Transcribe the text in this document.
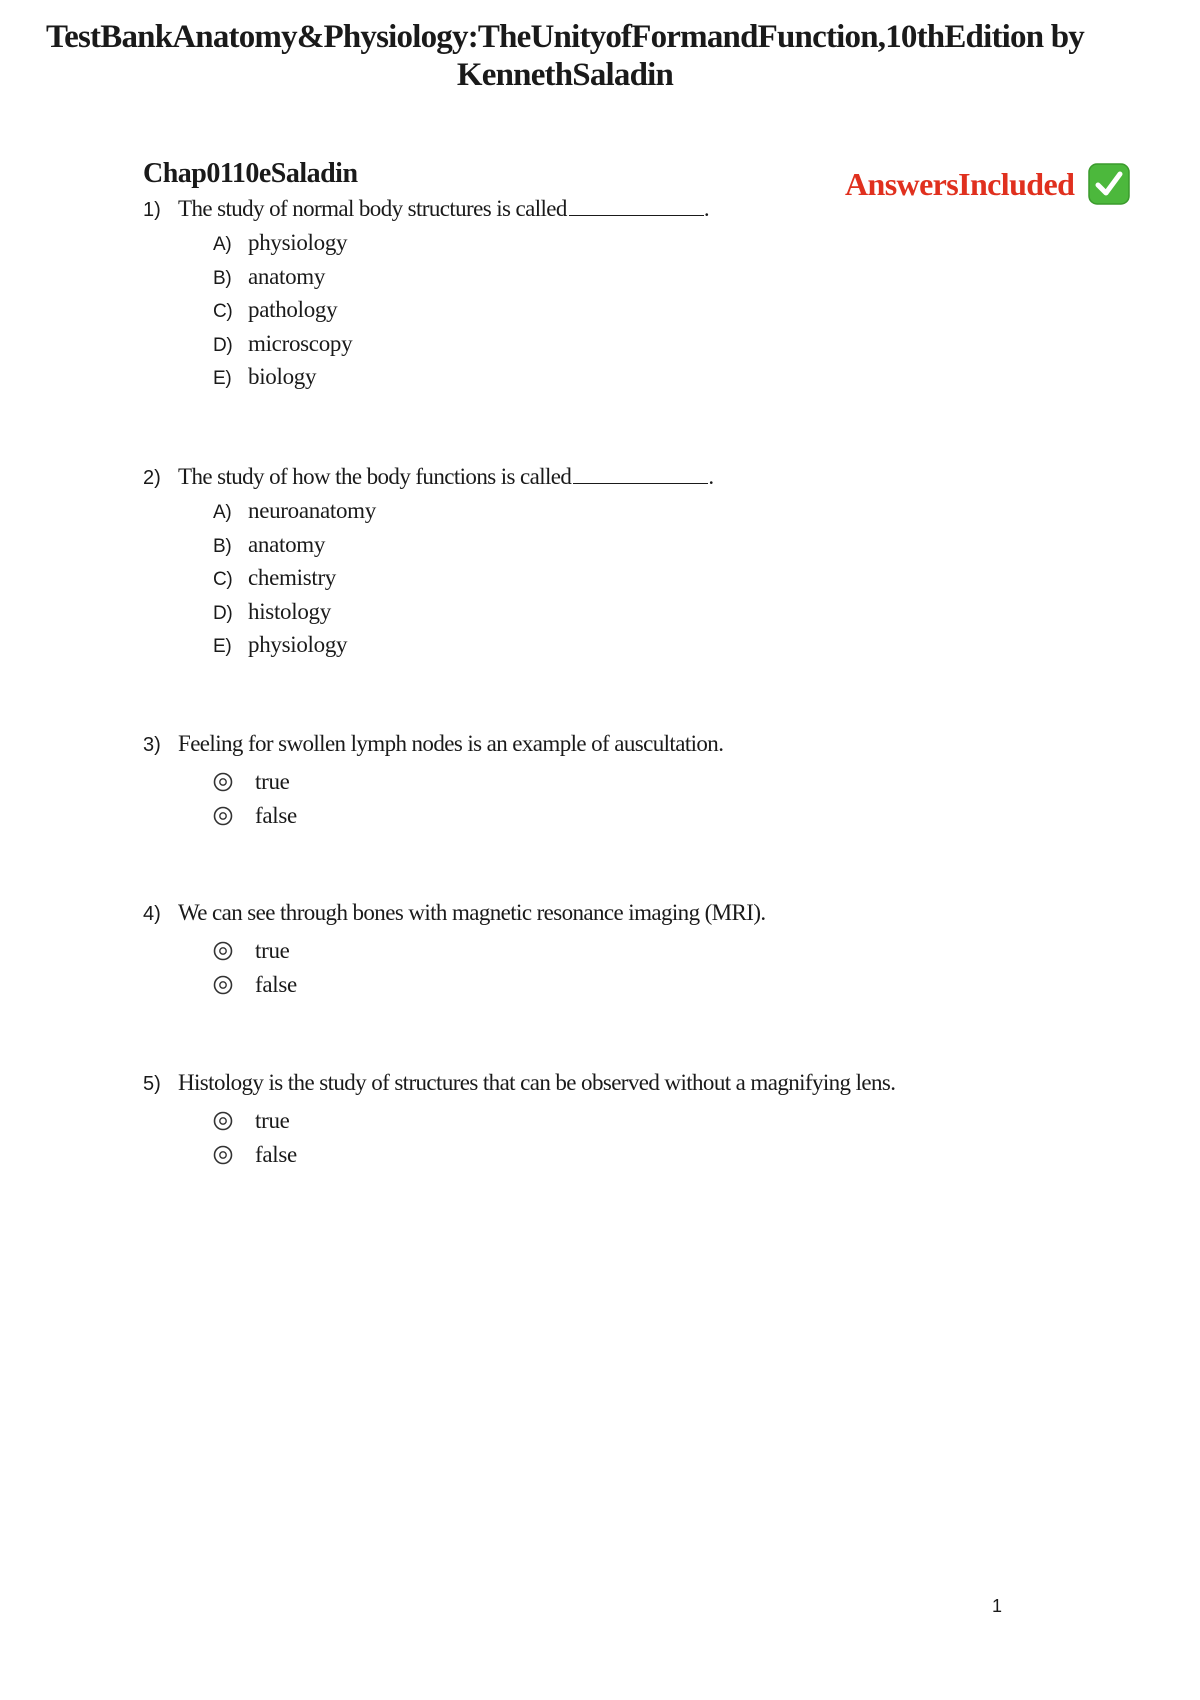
TestBankAnatomy&Physiology:TheUnityofFormandFunction,10thEdition by
KennethSaladin
Chap0110eSaladin	AnswersIncluded
1) The study of normal body structures is called	.
A) physiology
B) anatomy
C) pathology
D) microscopy
E) biology
2) The study of how the body functions is called	.
A) neuroanatomy
B) anatomy
C) chemistry
D) histology
E) physiology
3) Feeling for swollen lymph nodes is an example of auscultation.
true
false
4) We can see through bones with magnetic resonance imaging (MRI).
true
false
5) Histology is the study of structures that can be observed without a magnifying lens.
true
false
1
